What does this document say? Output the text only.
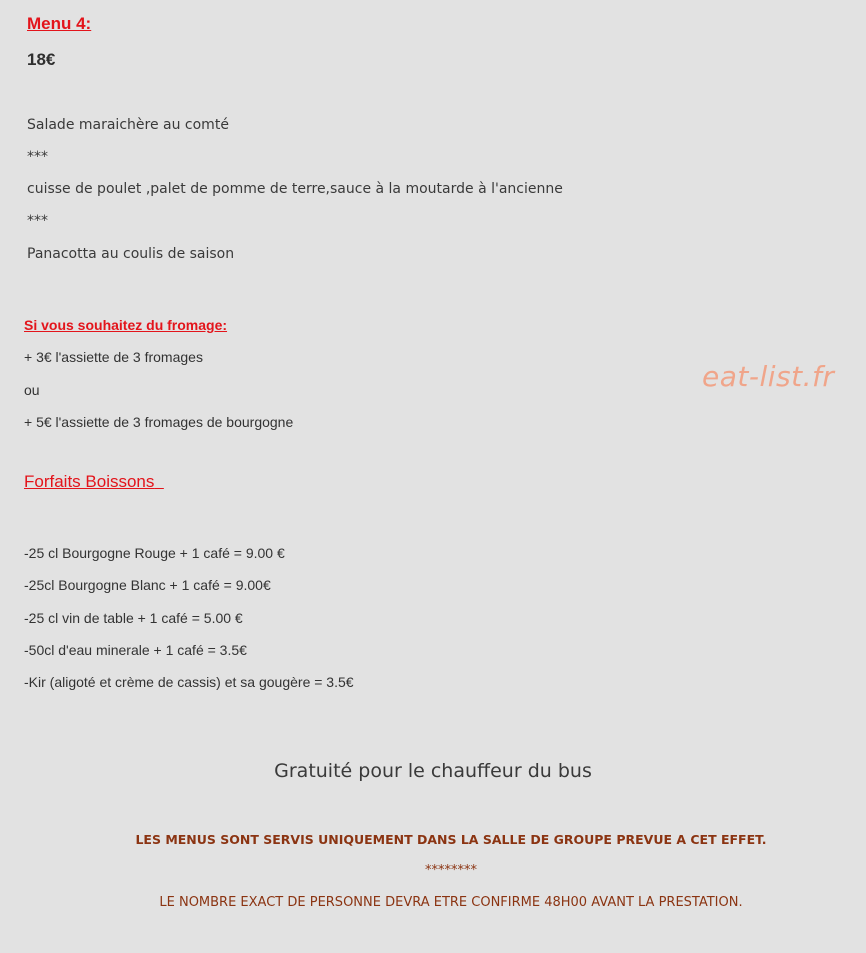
Menu 4:
18€
Salade maraichère au comté
***
cuisse de poulet ,palet de pomme de terre,sauce à la moutarde à l'ancienne
***
Panacotta au coulis de saison
Si vous souhaitez du fromage:
+ 3€ l'assiette de 3 fromages
ou
+ 5€ l'assiette de 3 fromages de bourgogne
eat-list.fr
Forfaits Boissons
-25 cl Bourgogne Rouge + 1 café = 9.00 €
-25cl Bourgogne Blanc + 1 café = 9.00€
-25 cl vin de table + 1 café = 5.00 €
-50cl d'eau minerale + 1 café = 3.5€
-Kir (aligoté et crème de cassis) et sa gougère = 3.5€
Gratuité pour le chauffeur du bus
LES MENUS SONT SERVIS UNIQUEMENT DANS LA SALLE DE GROUPE PREVUE A CET EFFET.
********
LE NOMBRE EXACT DE PERSONNE DEVRA ETRE CONFIRME 48H00 AVANT LA PRESTATION.
